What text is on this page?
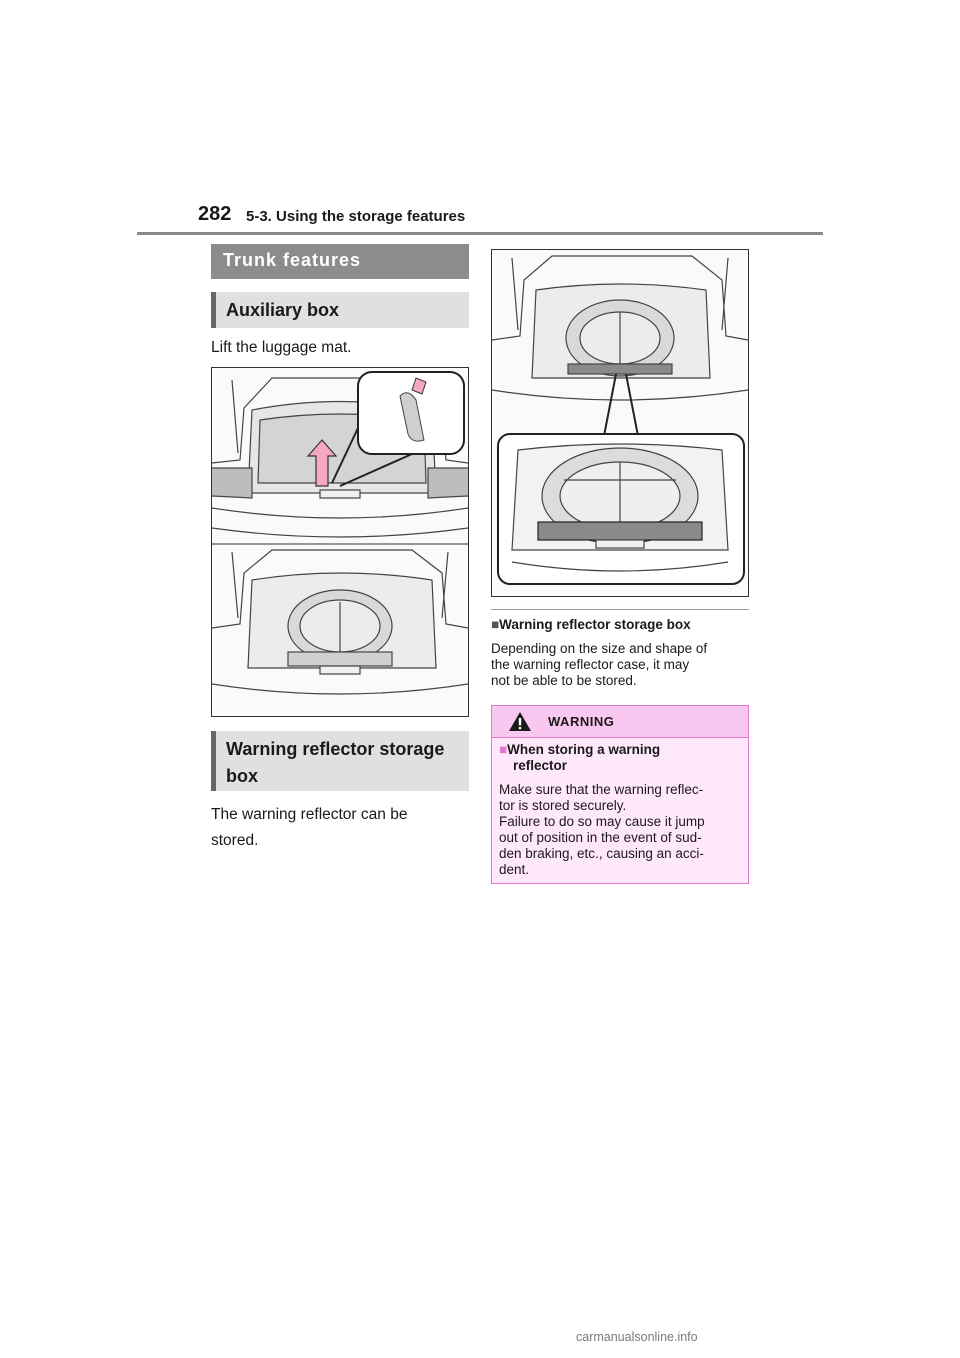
282 5-3. Using the storage features
Trunk features
Auxiliary box
Lift the luggage mat.
Warning reflector storage
box
The warning reflector can be
stored.
■Warning reflector storage box
Depending on the size and shape of
the warning reflector case, it may
not be able to be stored.
WARNING
■When storing a warning
reflector
Make sure that the warning reflec-
tor is stored securely.
Failure to do so may cause it jump
out of position in the event of sud-
den braking, etc., causing an acci-
dent.
carmanualsonline.info
